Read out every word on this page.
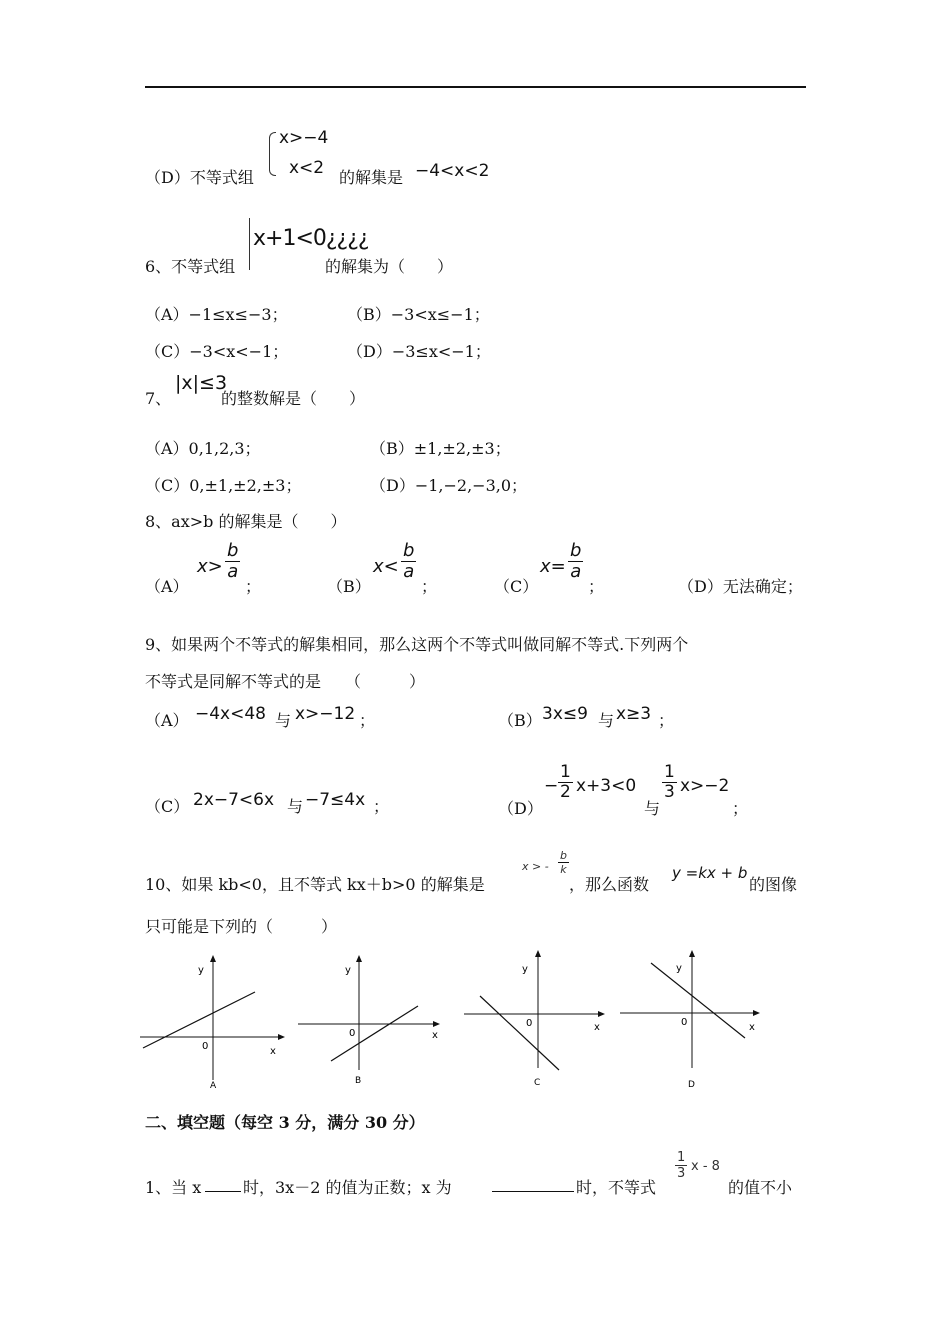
（D）不等式组
x>−4
x<2 的解集是 −4<x<2
6、不等式组
x+1<0¿¿¿¿
的解集为（　　）
（A）−1≤x≤−3；	（B）−3<x≤−1；
（C）−3<x<−1；	（D）−3≤x<−1；
7、
|x|≤3
的整数解是（　　）
（A）0,1,2,3；	（B）±1,±2,±3；
（C）0,±1,±2,±3；	（D）−1,−2,−3,0；
8、ax>b 的解集是（　　）
（A）
$x> \frac{b}{a}$
；	（B）
$x< \frac{b}{a}$
；	（C）
$x= \frac{b}{a}$
；	（D）无法确定；
9、如果两个不等式的解集相同，那么这两个不等式叫做同解不等式.下列两个
不等式是同解不等式的是　　（　　　）
（A） −4x<48 与 x>−12 ；	（B） 3x≤9 与 x≥3 ；
（C） 2x−7<6x 与 −7≤4x ；	（D）
− $\frac{1}{2} x+3<0$
与
$\frac{1}{3} x>-2$
；
10、如果 kb<0，且不等式 kx＋b>0 的解集是
x > - $\frac{b}{k}$
，那么函数
y =kx + b
的图像
只可能是下列的（　　　）
y
x
0
A
y
x
0
B
y
x
0
C
y
x
0
D
二、填空题（每空 3 分，满分 30 分）
1、当 x	时，3x－2 的值为正数；x 为	时，不等式
$\frac{1}{3}$ x - 8
的值不小
